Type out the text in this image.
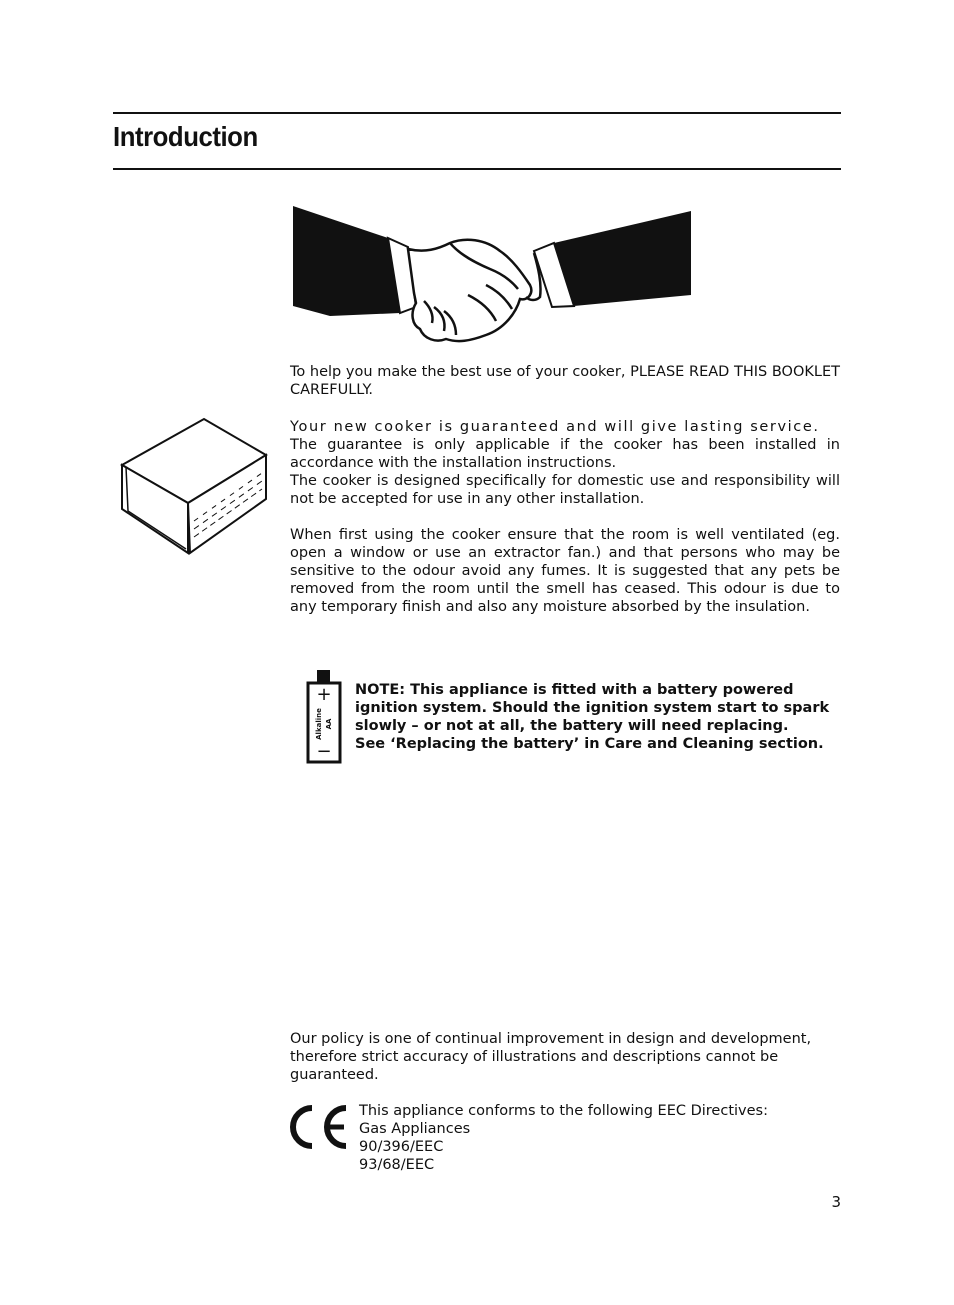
Introduction

To help you make the best use of your cooker, PLEASE READ THIS BOOKLET CAREFULLY.

Your new cooker is guaranteed and will give lasting service.
The guarantee is only applicable if the cooker has been installed in accordance with the installation instructions.
The cooker is designed specifically for domestic use and responsibility will not be accepted for use in any other installation.

When first using the cooker ensure that the room is well ventilated (eg. open a window or use an extractor fan.) and that persons who may be sensitive to the odour avoid any fumes. It is suggested that any pets be removed from the room until the smell has ceased. This odour is due to any temporary finish and also any moisture absorbed by the insulation.

+
−
Alkaline AA

NOTE: This appliance is fitted with a battery powered ignition system. Should the ignition system start to spark slowly – or not at all, the battery will need replacing.
See ‘Replacing the battery’ in Care and Cleaning section.

Our policy is one of continual improvement in design and development, therefore strict accuracy of illustrations and descriptions cannot be guaranteed.

This appliance conforms to the following EEC Directives:
Gas Appliances
90/396/EEC
93/68/EEC

3
